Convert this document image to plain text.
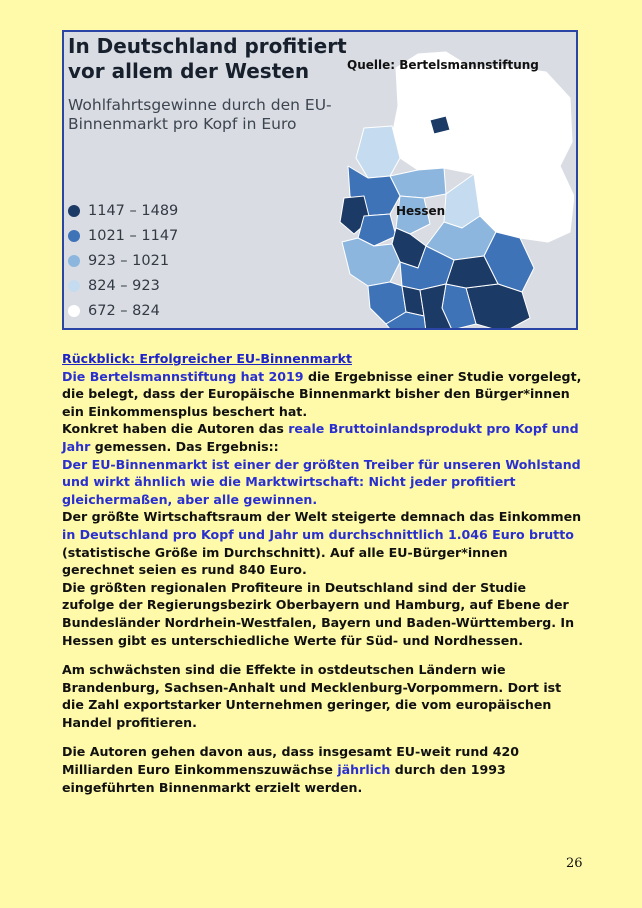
In Deutschland profitiert vor allem der Westen
Wohlfahrtsgewinne durch den EU-Binnenmarkt pro Kopf in Euro
Quelle: Bertelsmannstiftung
Hessen
1147 – 1489
1021 – 1147
923 – 1021
824 – 923
672 – 824
Rückblick: Erfolgreicher EU-Binnenmarkt

Die Bertelsmannstiftung hat 2019 die Ergebnisse einer Studie vorgelegt, die belegt, dass der Europäische Binnenmarkt bisher den Bürger*innen ein Einkommensplus beschert hat.
Konkret haben die Autoren das reale Bruttoinlandsprodukt pro Kopf und Jahr gemessen. Das Ergebnis::
Der EU-Binnenmarkt ist einer der größten Treiber für unseren Wohlstand und wirkt ähnlich wie die Marktwirtschaft: Nicht jeder profitiert gleichermaßen, aber alle gewinnen.
Der größte Wirtschaftsraum der Welt steigerte demnach das Einkommen in Deutschland pro Kopf und Jahr um durchschnittlich 1.046 Euro brutto (statistische Größe im Durchschnitt). Auf alle EU-Bürger*innen gerechnet seien es rund 840 Euro.
Die größten regionalen Profiteure in Deutschland sind der Studie zufolge der Regierungsbezirk Oberbayern und Hamburg, auf Ebene der Bundesländer Nordrhein-Westfalen, Bayern und Baden-Württemberg. In Hessen gibt es unterschiedliche Werte für Süd- und Nordhessen.

Am schwächsten sind die Effekte in ostdeutschen Ländern wie Brandenburg, Sachsen-Anhalt und Mecklenburg-Vorpommern. Dort ist die Zahl exportstarker Unternehmen geringer, die vom europäischen Handel profitieren.

Die Autoren gehen davon aus, dass insgesamt EU-weit rund 420 Milliarden Euro Einkommenszuwächse jährlich durch den 1993 eingeführten Binnenmarkt erzielt werden.

26
